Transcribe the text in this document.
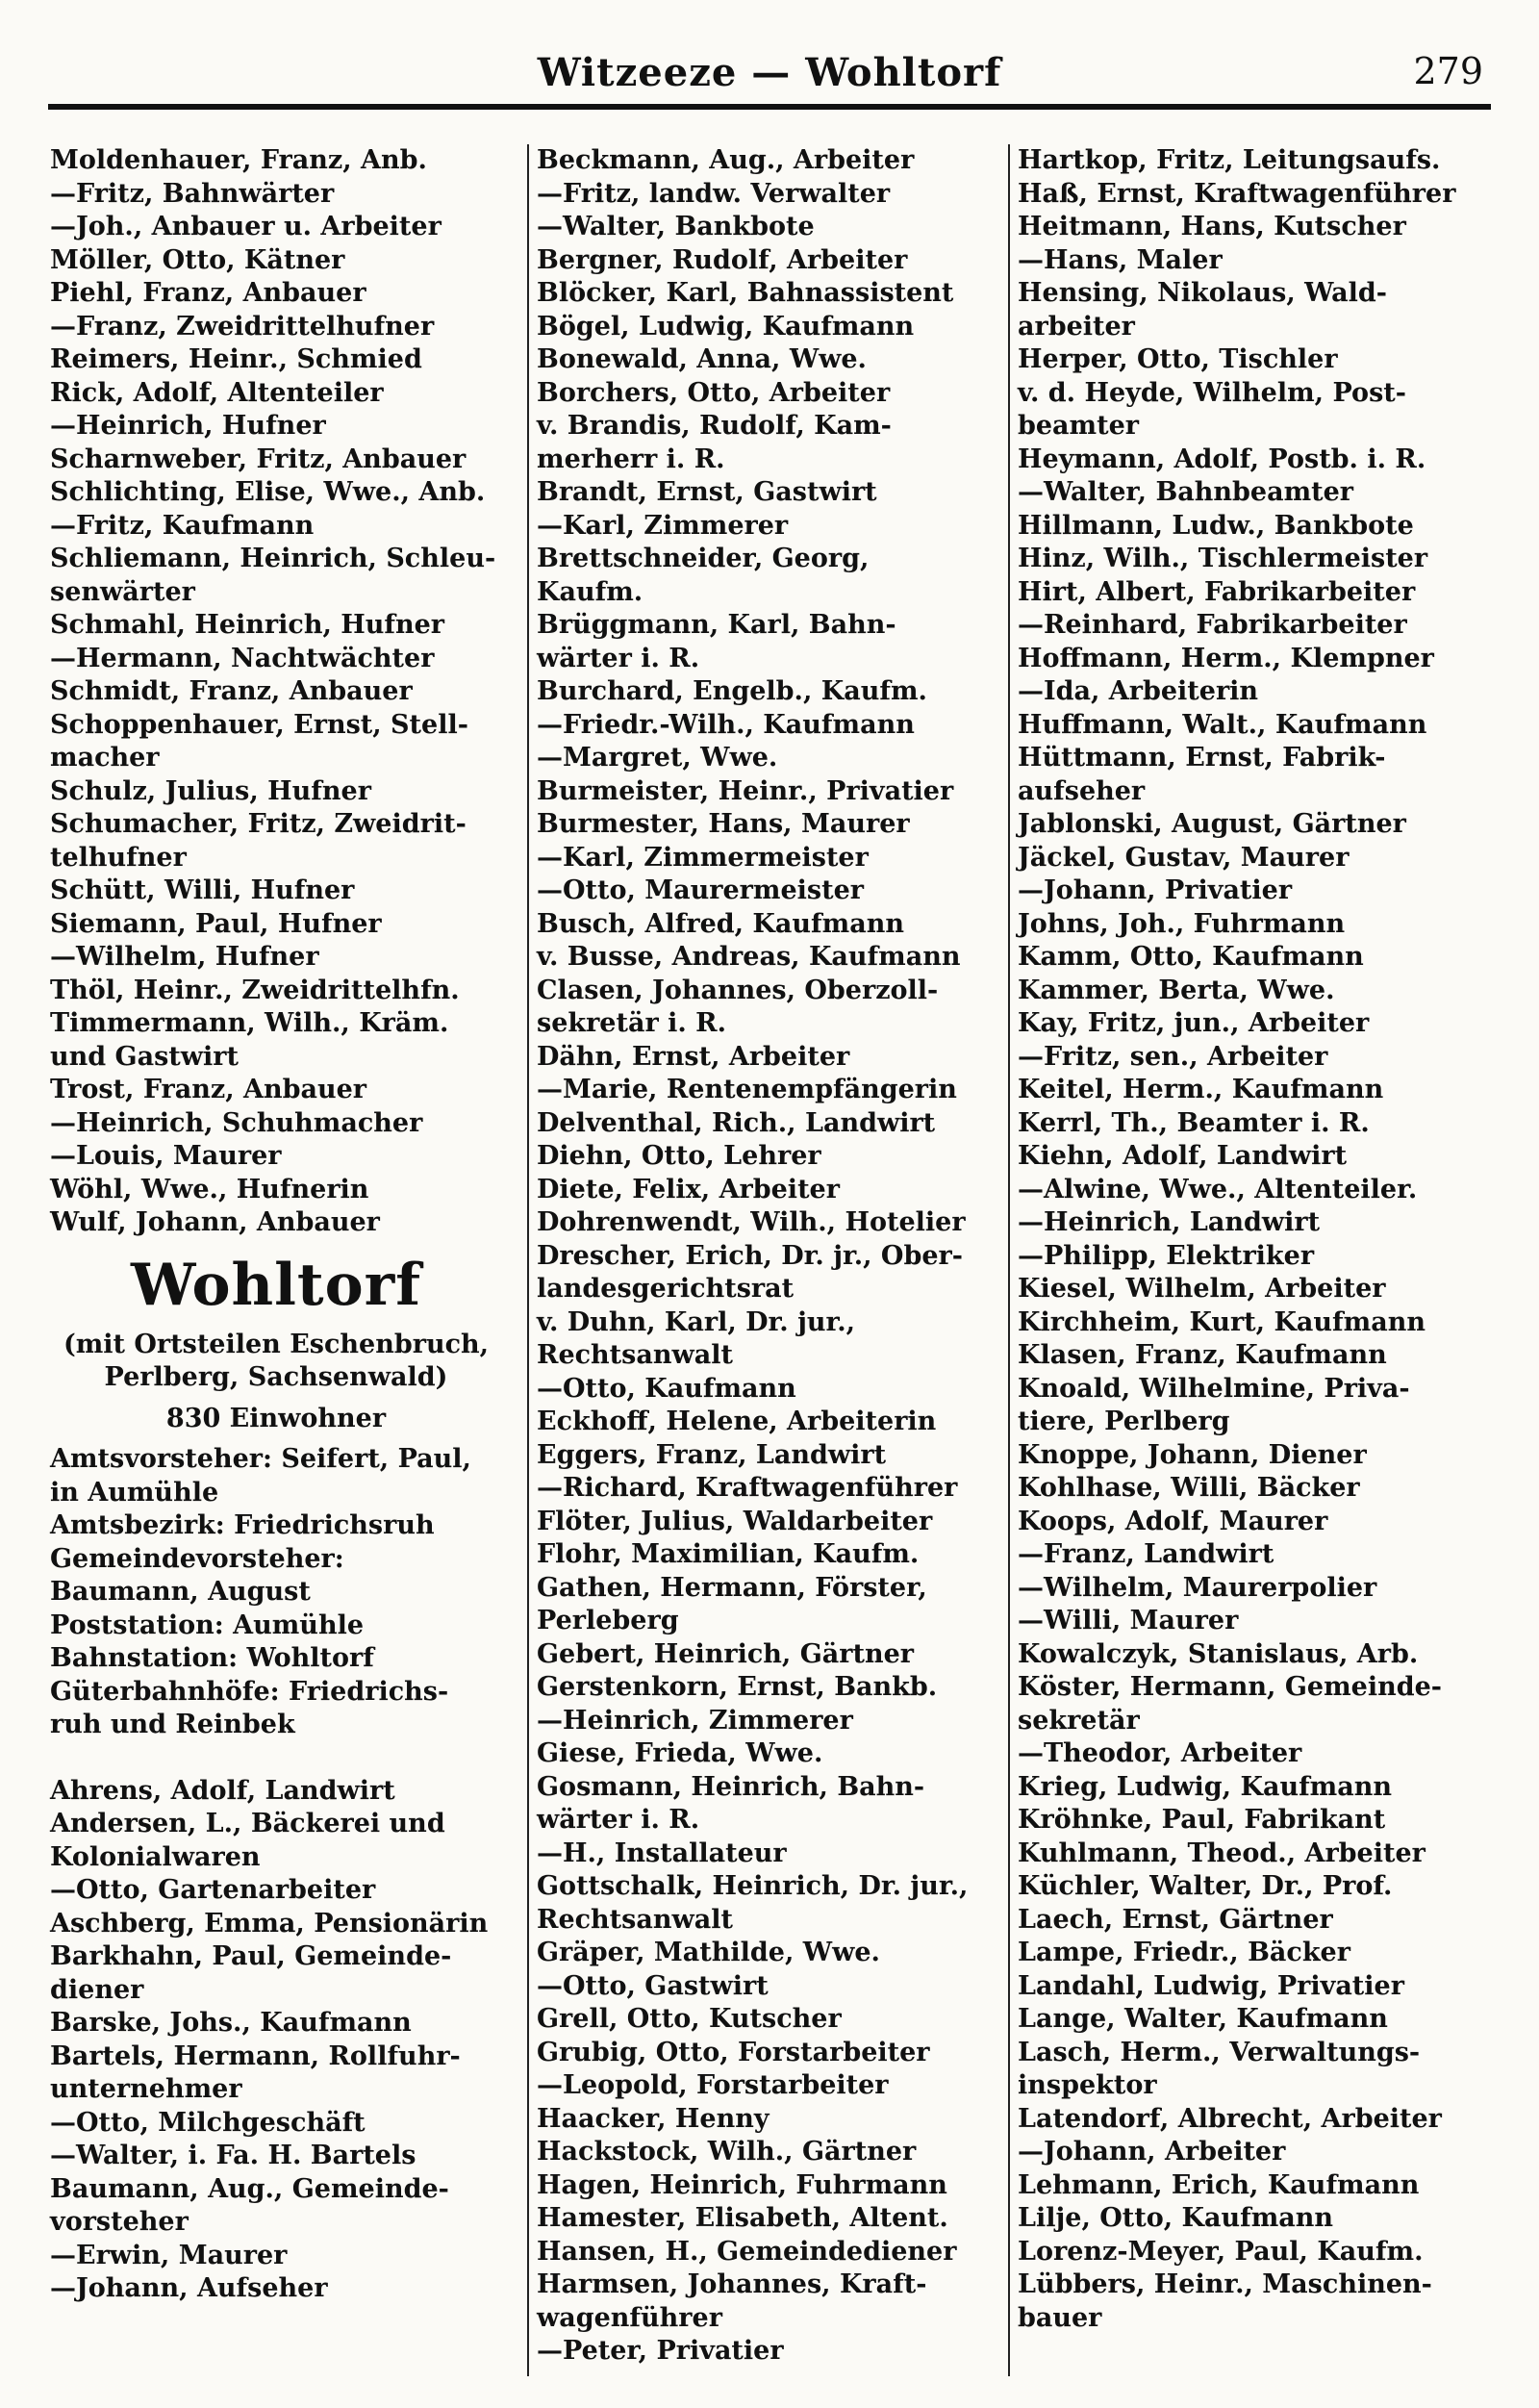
Witzeeze — Wohltorf	279
Moldenhauer, Franz, Anb.
—Fritz, Bahnwärter
—Joh., Anbauer u. Arbeiter
Möller, Otto, Kätner
Piehl, Franz, Anbauer
—Franz, Zweidrittelhufner
Reimers, Heinr., Schmied
Rick, Adolf, Altenteiler
—Heinrich, Hufner
Scharnweber, Fritz, Anbauer
Schlichting, Elise, Wwe., Anb.
—Fritz, Kaufmann
Schliemann, Heinrich, Schleu-
senwärter
Schmahl, Heinrich, Hufner
—Hermann, Nachtwächter
Schmidt, Franz, Anbauer
Schoppenhauer, Ernst, Stell-
macher
Schulz, Julius, Hufner
Schumacher, Fritz, Zweidrit-
telhufner
Schütt, Willi, Hufner
Siemann, Paul, Hufner
—Wilhelm, Hufner
Thöl, Heinr., Zweidrittelhfn.
Timmermann, Wilh., Kräm.
und Gastwirt
Trost, Franz, Anbauer
—Heinrich, Schuhmacher
—Louis, Maurer
Wöhl, Wwe., Hufnerin
Wulf, Johann, Anbauer
Wohltorf
(mit Ortsteilen Eschenbruch,
Perlberg, Sachsenwald)
830 Einwohner
Amtsvorsteher: Seifert, Paul,
in Aumühle
Amtsbezirk: Friedrichsruh
Gemeindevorsteher:
Baumann, August
Poststation: Aumühle
Bahnstation: Wohltorf
Güterbahnhöfe: Friedrichs-
ruh und Reinbek
Ahrens, Adolf, Landwirt
Andersen, L., Bäckerei und
Kolonialwaren
—Otto, Gartenarbeiter
Aschberg, Emma, Pensionärin
Barkhahn, Paul, Gemeinde-
diener
Barske, Johs., Kaufmann
Bartels, Hermann, Rollfuhr-
unternehmer
—Otto, Milchgeschäft
—Walter, i. Fa. H. Bartels
Baumann, Aug., Gemeinde-
vorsteher
—Erwin, Maurer
—Johann, Aufseher
Beckmann, Aug., Arbeiter
—Fritz, landw. Verwalter
—Walter, Bankbote
Bergner, Rudolf, Arbeiter
Blöcker, Karl, Bahnassistent
Bögel, Ludwig, Kaufmann
Bonewald, Anna, Wwe.
Borchers, Otto, Arbeiter
v. Brandis, Rudolf, Kam-
merherr i. R.
Brandt, Ernst, Gastwirt
—Karl, Zimmerer
Brettschneider, Georg, Kaufm.
Brüggmann, Karl, Bahn-
wärter i. R.
Burchard, Engelb., Kaufm.
—Friedr.-Wilh., Kaufmann
—Margret, Wwe.
Burmeister, Heinr., Privatier
Burmester, Hans, Maurer
—Karl, Zimmermeister
—Otto, Maurermeister
Busch, Alfred, Kaufmann
v. Busse, Andreas, Kaufmann
Clasen, Johannes, Oberzoll-
sekretär i. R.
Dähn, Ernst, Arbeiter
—Marie, Rentenempfängerin
Delventhal, Rich., Landwirt
Diehn, Otto, Lehrer
Diete, Felix, Arbeiter
Dohrenwendt, Wilh., Hotelier
Drescher, Erich, Dr. jr., Ober-
landesgerichtsrat
v. Duhn, Karl, Dr. jur.,
Rechtsanwalt
—Otto, Kaufmann
Eckhoff, Helene, Arbeiterin
Eggers, Franz, Landwirt
—Richard, Kraftwagenführer
Flöter, Julius, Waldarbeiter
Flohr, Maximilian, Kaufm.
Gathen, Hermann, Förster,
Perleberg
Gebert, Heinrich, Gärtner
Gerstenkorn, Ernst, Bankb.
—Heinrich, Zimmerer
Giese, Frieda, Wwe.
Gosmann, Heinrich, Bahn-
wärter i. R.
—H., Installateur
Gottschalk, Heinrich, Dr. jur.,
Rechtsanwalt
Gräper, Mathilde, Wwe.
—Otto, Gastwirt
Grell, Otto, Kutscher
Grubig, Otto, Forstarbeiter
—Leopold, Forstarbeiter
Haacker, Henny
Hackstock, Wilh., Gärtner
Hagen, Heinrich, Fuhrmann
Hamester, Elisabeth, Altent.
Hansen, H., Gemeindediener
Harmsen, Johannes, Kraft-
wagenführer
—Peter, Privatier
Hartkop, Fritz, Leitungsaufs.
Haß, Ernst, Kraftwagenführer
Heitmann, Hans, Kutscher
—Hans, Maler
Hensing, Nikolaus, Wald-
arbeiter
Herper, Otto, Tischler
v. d. Heyde, Wilhelm, Post-
beamter
Heymann, Adolf, Postb. i. R.
—Walter, Bahnbeamter
Hillmann, Ludw., Bankbote
Hinz, Wilh., Tischlermeister
Hirt, Albert, Fabrikarbeiter
—Reinhard, Fabrikarbeiter
Hoffmann, Herm., Klempner
—Ida, Arbeiterin
Huffmann, Walt., Kaufmann
Hüttmann, Ernst, Fabrik-
aufseher
Jablonski, August, Gärtner
Jäckel, Gustav, Maurer
—Johann, Privatier
Johns, Joh., Fuhrmann
Kamm, Otto, Kaufmann
Kammer, Berta, Wwe.
Kay, Fritz, jun., Arbeiter
—Fritz, sen., Arbeiter
Keitel, Herm., Kaufmann
Kerrl, Th., Beamter i. R.
Kiehn, Adolf, Landwirt
—Alwine, Wwe., Altenteiler.
—Heinrich, Landwirt
—Philipp, Elektriker
Kiesel, Wilhelm, Arbeiter
Kirchheim, Kurt, Kaufmann
Klasen, Franz, Kaufmann
Knoald, Wilhelmine, Priva-
tiere, Perlberg
Knoppe, Johann, Diener
Kohlhase, Willi, Bäcker
Koops, Adolf, Maurer
—Franz, Landwirt
—Wilhelm, Maurerpolier
—Willi, Maurer
Kowalczyk, Stanislaus, Arb.
Köster, Hermann, Gemeinde-
sekretär
—Theodor, Arbeiter
Krieg, Ludwig, Kaufmann
Kröhnke, Paul, Fabrikant
Kuhlmann, Theod., Arbeiter
Küchler, Walter, Dr., Prof.
Laech, Ernst, Gärtner
Lampe, Friedr., Bäcker
Landahl, Ludwig, Privatier
Lange, Walter, Kaufmann
Lasch, Herm., Verwaltungs-
inspektor
Latendorf, Albrecht, Arbeiter
—Johann, Arbeiter
Lehmann, Erich, Kaufmann
Lilje, Otto, Kaufmann
Lorenz-Meyer, Paul, Kaufm.
Lübbers, Heinr., Maschinen-
bauer
